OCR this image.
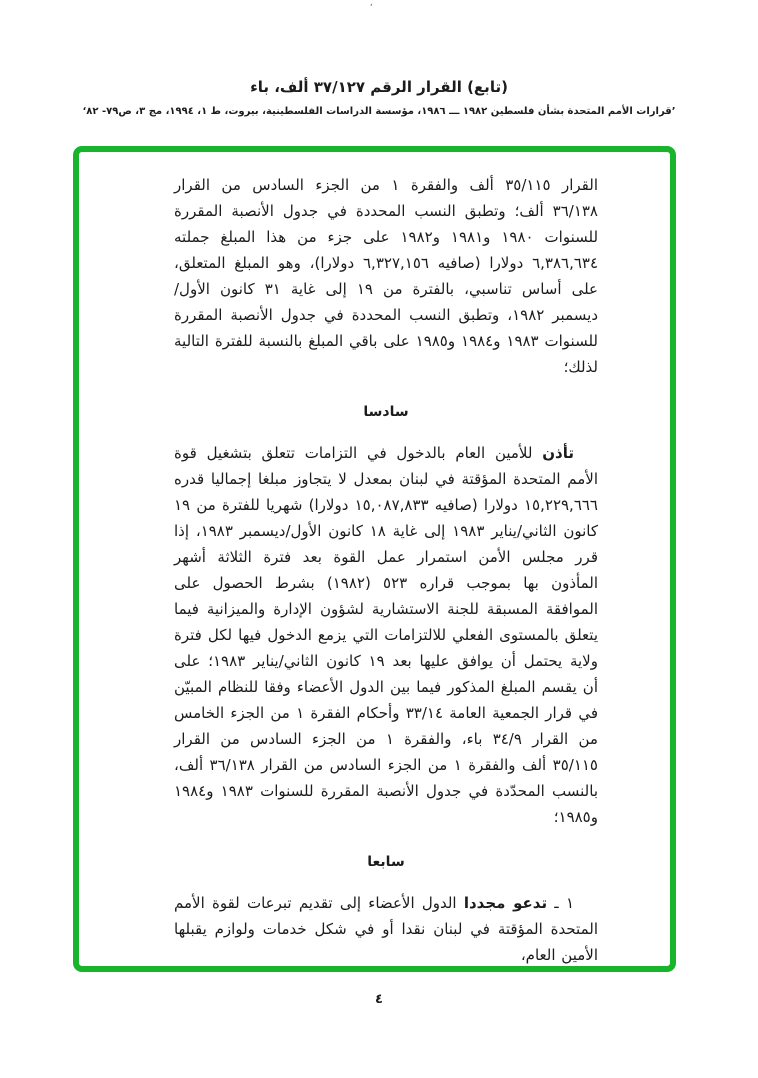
ʹ
(تابع) القرار الرقم ٣٧/١٢٧ ألف، باء
’قرارات الأمم المتحدة بشأن فلسطين ١٩٨٢ ـــ ١٩٨٦، مؤسسة الدراسات الفلسطينية، بيروت، ط ١، ١٩٩٤، مج ٣، ص٧٩- ٨٢‘

القرار ٣٥/١١٥ ألف والفقرة ١ من الجزء السادس من القرار ٣٦/١٣٨ ألف؛ وتطبق النسب المحددة في جدول الأنصبة المقررة للسنوات ١٩٨٠ و١٩٨١ و١٩٨٢ على جزء من هذا المبلغ جملته ٦,٣٨٦,٦٣٤ دولارا (صافيه ٦,٣٢٧,١٥٦ دولارا)، وهو المبلغ المتعلق، على أساس تناسبي، بالفترة من ١٩ إلى غاية ٣١ كانون الأول/ديسمبر ١٩٨٢، وتطبق النسب المحددة في جدول الأنصبة المقررة للسنوات ١٩٨٣ و١٩٨٤ و١٩٨٥ على باقي المبلغ بالنسبة للفترة التالية لذلك؛

سادسا

تأذن للأمين العام بالدخول في التزامات تتعلق بتشغيل قوة الأمم المتحدة المؤقتة في لبنان بمعدل لا يتجاوز مبلغا إجماليا قدره ١٥,٢٢٩,٦٦٦ دولارا (صافيه ١٥,٠٨٧,٨٣٣ دولارا) شهريا للفترة من ١٩ كانون الثاني/يناير ١٩٨٣ إلى غاية ١٨ كانون الأول/ديسمبر ١٩٨٣، إذا قرر مجلس الأمن استمرار عمل القوة بعد فترة الثلاثة أشهر المأذون بها بموجب قراره ٥٢٣ (١٩٨٢) بشرط الحصول على الموافقة المسبقة للجنة الاستشارية لشؤون الإدارة والميزانية فيما يتعلق بالمستوى الفعلي للالتزامات التي يزمع الدخول فيها لكل فترة ولاية يحتمل أن يوافق عليها بعد ١٩ كانون الثاني/يناير ١٩٨٣؛ على أن يقسم المبلغ المذكور فيما بين الدول الأعضاء وفقا للنظام المبيّن في قرار الجمعية العامة ٣٣/١٤ وأحكام الفقرة ١ من الجزء الخامس من القرار ٣٤/٩ باء، والفقرة ١ من الجزء السادس من القرار ٣٥/١١٥ ألف والفقرة ١ من الجزء السادس من القرار ٣٦/١٣٨ ألف، بالنسب المحدّدة في جدول الأنصبة المقررة للسنوات ١٩٨٣ و١٩٨٤ و١٩٨٥؛

سابعا

١ ـ تدعو مجددا الدول الأعضاء إلى تقديم تبرعات لقوة الأمم المتحدة المؤقتة في لبنان نقدا أو في شكل خدمات ولوازم يقبلها الأمين العام،

٤
